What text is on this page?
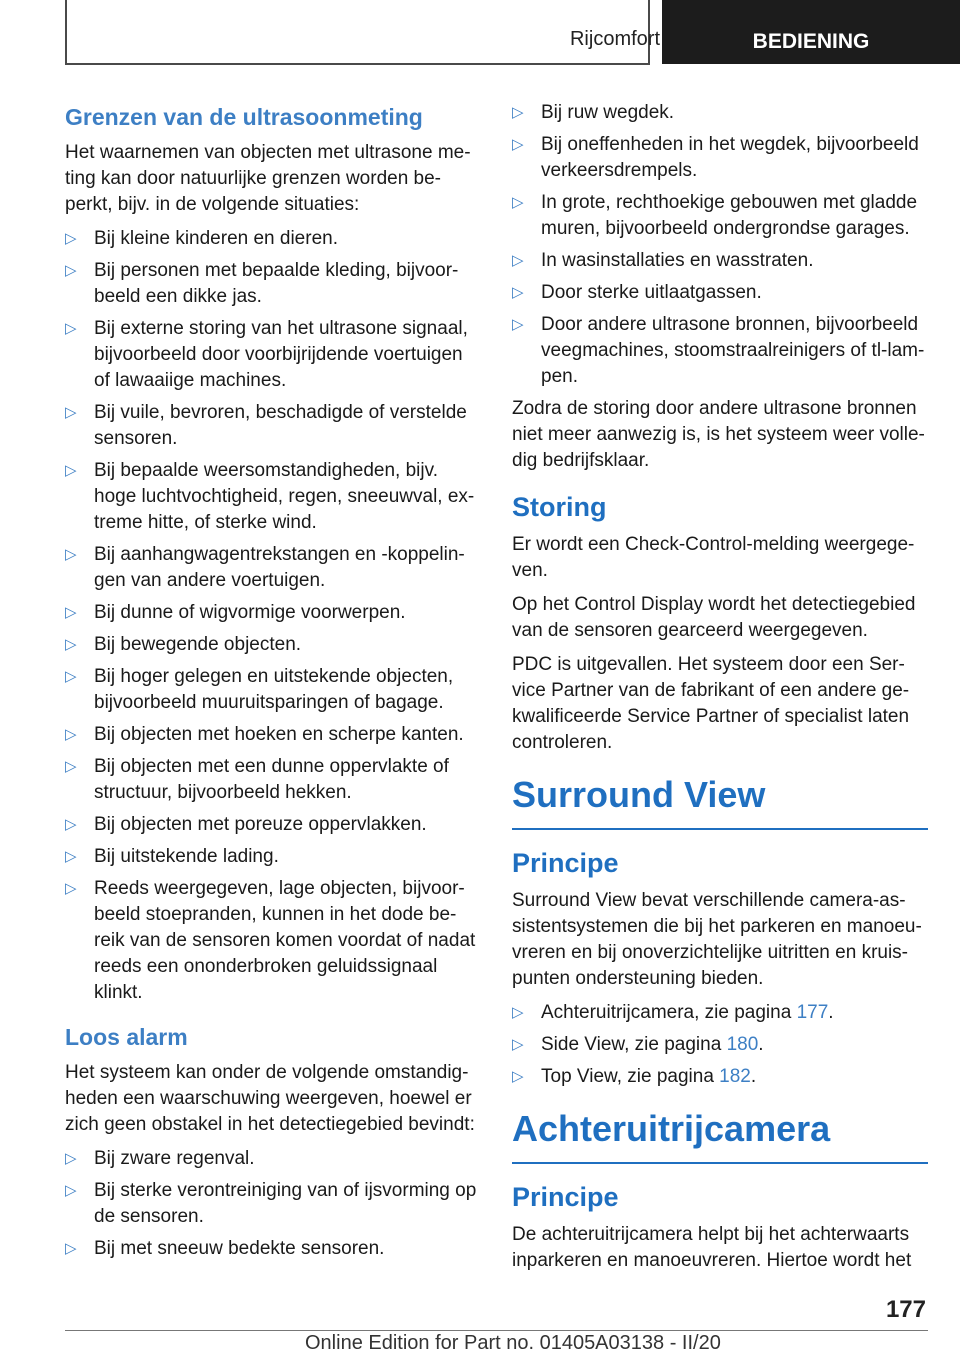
Rijcomfort	BEDIENING
Grenzen van de ultrasoonmeting

Het waarnemen van objecten met ultrasone me-ting kan door natuurlijke grenzen worden be-perkt, bijv. in de volgende situaties:

▷ Bij kleine kinderen en dieren.
▷ Bij personen met bepaalde kleding, bijvoor-beeld een dikke jas.
▷ Bij externe storing van het ultrasone signaal, bijvoorbeeld door voorbijrijdende voertuigen of lawaaiige machines.
▷ Bij vuile, bevroren, beschadigde of verstelde sensoren.
▷ Bij bepaalde weersomstandigheden, bijv. hoge luchtvochtigheid, regen, sneeuwval, ex-treme hitte, of sterke wind.
▷ Bij aanhangwagentrekstangen en -koppelin-gen van andere voertuigen.
▷ Bij dunne of wigvormige voorwerpen.
▷ Bij bewegende objecten.
▷ Bij hoger gelegen en uitstekende objecten, bijvoorbeeld muuruitsparingen of bagage.
▷ Bij objecten met hoeken en scherpe kanten.
▷ Bij objecten met een dunne oppervlakte of structuur, bijvoorbeeld hekken.
▷ Bij objecten met poreuze oppervlakken.
▷ Bij uitstekende lading.
▷ Reeds weergegeven, lage objecten, bijvoor-beeld stoepranden, kunnen in het dode be-reik van de sensoren komen voordat of nadat reeds een ononderbroken geluidssignaal klinkt.
Loos alarm

Het systeem kan onder de volgende omstandig-heden een waarschuwing weergeven, hoewel er zich geen obstakel in het detectiegebied bevindt:

▷ Bij zware regenval.
▷ Bij sterke verontreiniging van of ijsvorming op de sensoren.
▷ Bij met sneeuw bedekte sensoren.
▷ Bij ruw wegdek.
▷ Bij oneffenheden in het wegdek, bijvoorbeeld verkeersdrempels.
▷ In grote, rechthoekige gebouwen met gladde muren, bijvoorbeeld ondergrondse garages.
▷ In wasinstallaties en wasstraten.
▷ Door sterke uitlaatgassen.
▷ Door andere ultrasone bronnen, bijvoorbeeld veegmachines, stoomstraalreinigers of tl-lam-pen.

Zodra de storing door andere ultrasone bronnen niet meer aanwezig is, is het systeem weer volle-dig bedrijfsklaar.

Storing

Er wordt een Check-Control-melding weergege-ven.

Op het Control Display wordt het detectiegebied van de sensoren gearceerd weergegeven.

PDC is uitgevallen. Het systeem door een Ser-vice Partner van de fabrikant of een andere ge-kwalificeerde Service Partner of specialist laten controleren.

Surround View
Principe

Surround View bevat verschillende camera-as-sistentsystemen die bij het parkeren en manoeu-vreren en bij onoverzichtelijke uitritten en kruis-punten ondersteuning bieden.

▷ Achteruitrijcamera, zie pagina 177.
▷ Side View, zie pagina 180.
▷ Top View, zie pagina 182.
Achteruitrijcamera
Principe

De achteruitrijcamera helpt bij het achterwaarts inparkeren en manoeuvreren. Hiertoe wordt het

177
Online Edition for Part no. 01405A03138 - II/20
